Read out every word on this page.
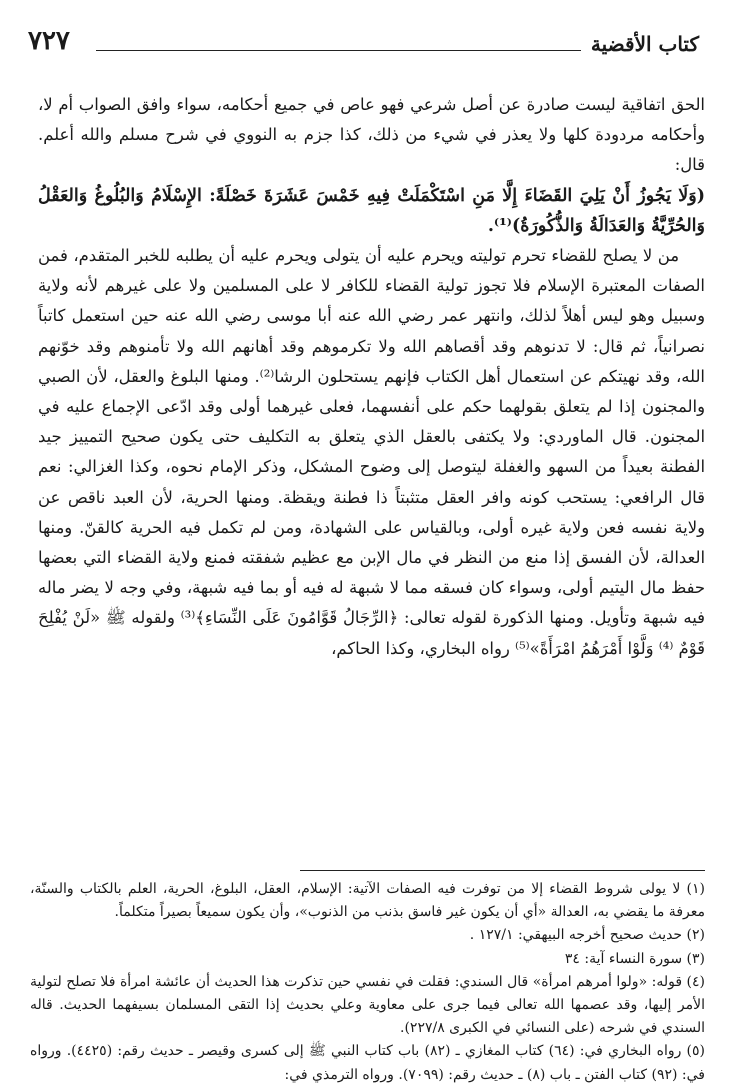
كتاب الأقضية
٧٢٧

الحق اتفاقية ليست صادرة عن أصل شرعي فهو عاص في جميع أحكامه، سواء وافق الصواب أم لا، وأحكامه مردودة كلها ولا يعذر في شيء من ذلك، كذا جزم به النووي في شرح مسلم والله أعلم. قال:

(وَلَا يَجُوزُ أَنْ يَلِيَ القَضَاءَ إِلَّا مَنِ اسْتَكْمَلَتْ فِيهِ خَمْسَ عَشَرَةَ خَصْلَةً: الإِسْلَامُ وَالبُلُوغُ وَالعَقْلُ وَالحُرِّيَّةُ وَالعَدَالَةُ وَالذُّكُورَةُ)⁽¹⁾.

من لا يصلح للقضاء تحرم توليته ويحرم عليه أن يتولى ويحرم عليه أن يطلبه للخبر المتقدم، فمن الصفات المعتبرة الإسلام فلا تجوز تولية القضاء للكافر لا على المسلمين ولا على غيرهم لأنه ولاية وسبيل وهو ليس أهلاً لذلك، وانتهر عمر رضي الله عنه أبا موسى رضي الله عنه حين استعمل كاتباً نصرانياً، ثم قال: لا تدنوهم وقد أقصاهم الله ولا تكرموهم وقد أهانهم الله ولا تأمنوهم وقد خوّنهم الله، وقد نهيتكم عن استعمال أهل الكتاب فإنهم يستحلون الرشا⁽²⁾. ومنها البلوغ والعقل، لأن الصبي والمجنون إذا لم يتعلق بقولهما حكم على أنفسهما، فعلى غيرهما أولى وقد ادّعى الإجماع عليه في المجنون. قال الماوردي: ولا يكتفى بالعقل الذي يتعلق به التكليف حتى يكون صحيح التمييز جيد الفطنة بعيداً من السهو والغفلة ليتوصل إلى وضوح المشكل، وذكر الإمام نحوه، وكذا الغزالي: نعم قال الرافعي: يستحب كونه وافر العقل متثبتاً ذا فطنة ويقظة. ومنها الحرية، لأن العبد ناقص عن ولاية نفسه فعن ولاية غيره أولى، وبالقياس على الشهادة، ومن لم تكمل فيه الحرية كالقنّ. ومنها العدالة، لأن الفسق إذا منع من النظر في مال الإبن مع عظيم شفقته فمنع ولاية القضاء التي بعضها حفظ مال اليتيم أولى، وسواء كان فسقه مما لا شبهة له فيه أو بما فيه شبهة، وفي وجه لا يضر ماله فيه شبهة وتأويل. ومنها الذكورة لقوله تعالى: ﴿الرِّجَالُ قَوَّامُونَ عَلَى النِّسَاءِ﴾⁽³⁾ ولقوله ﷺ «لَنْ يُفْلِحَ قَوْمٌ ⁽⁴⁾ وَلَّوْا أَمْرَهُمُ امْرَأَةً»⁽⁵⁾ رواه البخاري، وكذا الحاكم،

(١) لا يولى شروط القضاء إلا من توفرت فيه الصفات الآتية: الإسلام، العقل، البلوغ، الحرية، العلم بالكتاب والسنّة، معرفة ما يقضي به، العدالة «أي أن يكون غير فاسق بذنب من الذنوب»، وأن يكون سميعاً بصيراً متكلماً.

(٢) حديث صحيح أخرجه البيهقي: ١٢٧/١ .

(٣) سورة النساء آية: ٣٤

(٤) قوله: «ولوا أمرهم امرأة» قال السندي: فقلت في نفسي حين تذكرت هذا الحديث أن عائشة امرأة فلا تصلح لتولية الأمر إليها، وقد عصمها الله تعالى فيما جرى على معاوية وعلي بحديث إذا التقى المسلمان بسيفهما الحديث. قاله السندي في شرحه (على النسائي في الكبرى ٢٢٧/٨).

(٥) رواه البخاري في: (٦٤) كتاب المغازي ـ (٨٢) باب كتاب النبي ﷺ إلى كسرى وقيصر ـ حديث رقم: (٤٤٢٥). ورواه في: (٩٢) كتاب الفتن ـ باب (٨) ـ حديث رقم: (٧٠٩٩). ورواه الترمذي في:
